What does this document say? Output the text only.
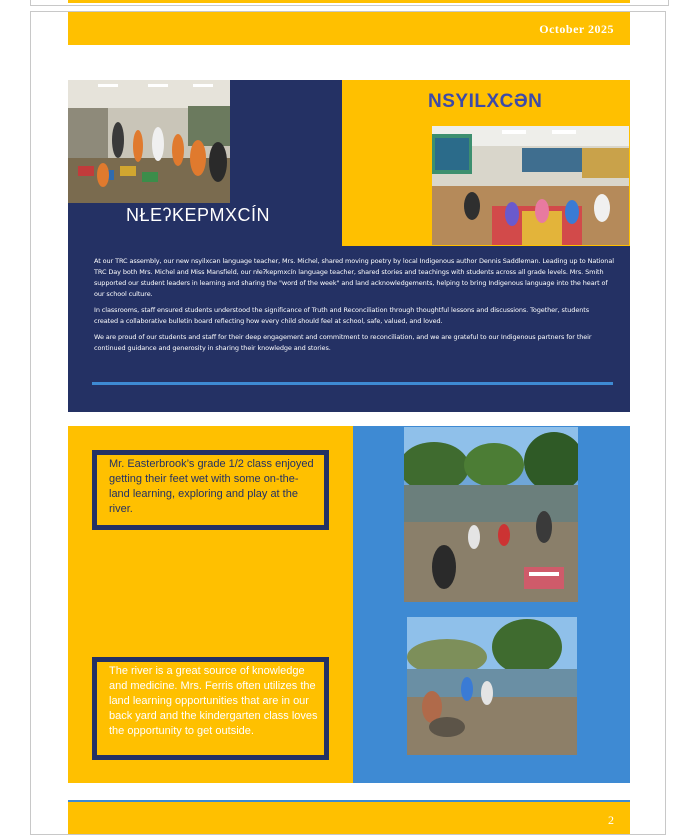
October 2025
NSYILXCƏN
NŁEʔKEPMXCÍN

At our TRC assembly, our new nsyilxcən language teacher, Mrs. Michel, shared moving poetry by local Indigenous author Dennis Saddleman. Leading up to National TRC Day both Mrs. Michel and Miss Mansfield, our nłeʔkepmxcín language teacher, shared stories and teachings with students across all grade levels. Mrs. Smith supported our student leaders in learning and sharing the "word of the week" and land acknowledgements, helping to bring Indigenous language into the heart of our school culture.

In classrooms, staff ensured students understood the significance of Truth and Reconciliation through thoughtful lessons and discussions. Together, students created a collaborative bulletin board reflecting how every child should feel at school, safe, valued, and loved.

We are proud of our students and staff for their deep engagement and commitment to reconciliation, and we are grateful to our Indigenous partners for their continued guidance and generosity in sharing their knowledge and stories.

Mr. Easterbrook’s grade 1/2 class enjoyed getting their feet wet with some on-the-land learning, exploring and play at the river.
The river is a great source of knowledge and medicine. Mrs. Ferris often utilizes the land learning opportunities that are in our back yard and the kindergarten class loves the opportunity to get outside.
2
